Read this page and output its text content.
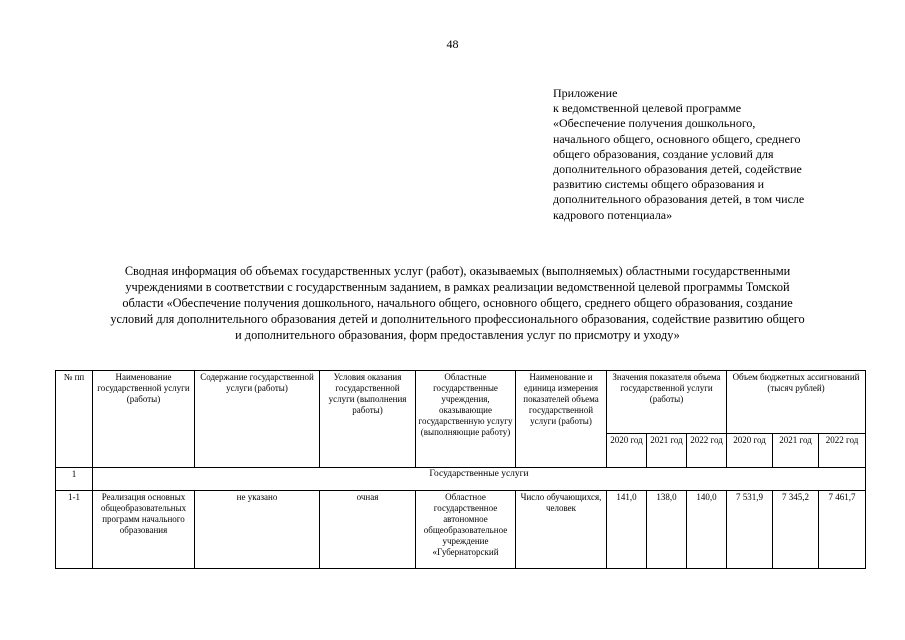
48
Приложение
к ведомственной целевой программе
«Обеспечение получения дошкольного,
начального общего, основного общего, среднего
общего образования, создание условий для
дополнительного образования детей, содействие
развитию системы общего образования и
дополнительного образования детей, в том числе
кадрового потенциала»
Сводная информация об объемах государственных услуг (работ), оказываемых (выполняемых) областными государственными
учреждениями в соответствии с государственным заданием, в рамках реализации ведомственной целевой программы Томской
области «Обеспечение получения дошкольного, начального общего, основного общего, среднего общего образования, создание
условий для дополнительного образования детей и дополнительного профессионального образования, содействие развитию общего
и дополнительного образования, форм предоставления услуг по присмотру и уходу»
№ пп	Наименование государственной услуги (работы)	Содержание государственной услуги (работы)	Условия оказания государственной услуги (выполнения работы)	Областные государственные учреждения, оказывающие государственную услугу (выполняющие работу)	Наименование и единица измерения показателей объема государственной услуги (работы)	Значения показателя объема государственной услуги (работы)			Объем бюджетных ассигнований (тысяч рублей)		
						2020 год	2021 год	2022 год	2020 год	2021 год	2022 год
1	Государственные услуги										
1-1	Реализация основных общеобразовательных программ начального образования	не указано	очная	Областное государственное автономное общеобразовательное учреждение «Губернаторский	Число обучающихся, человек	141,0	138,0	140,0	7 531,9	7 345,2	7 461,7
